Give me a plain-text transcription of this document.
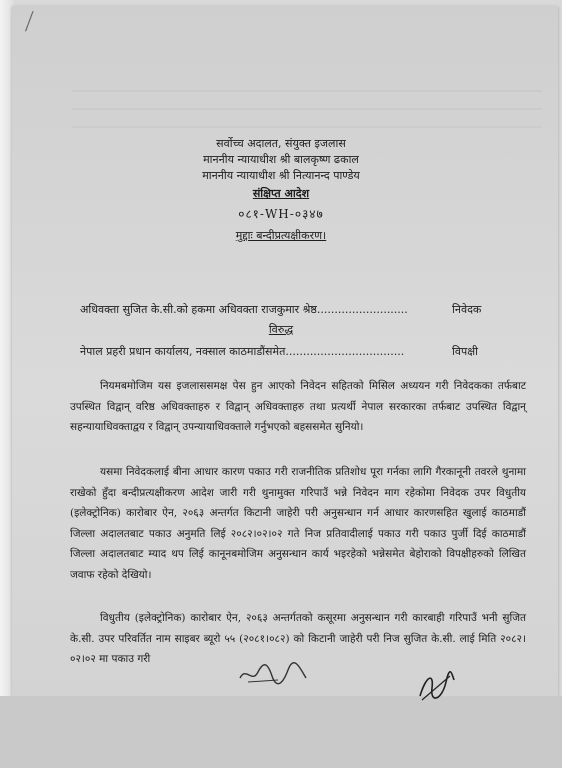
⟋
सर्वोच्च अदालत, संयुक्त इजलास
माननीय न्यायाधीश श्री बालकृष्ण ढकाल
माननीय न्यायाधीश श्री नित्यानन्द पाण्डेय
संक्षिप्त आदेश
०८१-WH-०३४७
मुद्दाः बन्दीप्रत्यक्षीकरण।
अधिवक्ता सुजित के.सी.को हकमा अधिवक्ता राजकुमार श्रेष्ठ..........................	निवेदक
विरुद्ध
नेपाल प्रहरी प्रधान कार्यालय, नक्साल काठमाडौंसमेत..................................	विपक्षी
नियमबमोजिम यस इजलाससमक्ष पेस हुन आएको निवेदन सहितको मिसिल अध्ययन गरी निवेदकका तर्फबाट उपस्थित विद्वान् वरिष्ठ अधिवक्ताहरु र विद्वान् अधिवक्ताहरु तथा प्रत्यर्थी नेपाल सरकारका तर्फबाट उपस्थित विद्वान् सहन्यायाधिवक्ताद्वय र विद्वान् उपन्यायाधिवक्ताले गर्नुभएको बहससमेत सुनियो।
यसमा निवेदकलाई बीना आधार कारण पकाउ गरी राजनीतिक प्रतिशोध पूरा गर्नका लागि गैरकानूनी तवरले थुनामा राखेको हुँदा बन्दीप्रत्यक्षीकरण आदेश जारी गरी थुनामुक्त गरिपाउँ भन्ने निवेदन माग रहेकोमा निवेदक उपर विधुतीय (इलेक्ट्रोनिक) कारोबार ऐन, २०६३ अन्तर्गत किटानी जाहेरी परी अनुसन्धान गर्न आधार कारणसहित खुलाई काठमाडौं जिल्ला अदालतबाट पकाउ अनुमति लिई २०८२।०२।०२ गते निज प्रतिवादीलाई पकाउ गरी पकाउ पुर्जी दिई काठमाडौं जिल्ला अदालतबाट म्याद थप लिई कानूनबमोजिम अनुसन्धान कार्य भइरहेको भन्नेसमेत बेहोराको विपक्षीहरुको लिखित जवाफ रहेको देखियो।
विधुतीय (इलेक्ट्रोनिक) कारोबार ऐन, २०६३ अन्तर्गतको कसूरमा अनुसन्धान गरी कारबाही गरिपाउँ भनी सुजित के.सी. उपर परिवर्तित नाम साइबर ब्यूरो ५५ (२०८१।०८२) को किटानी जाहेरी परी निज सुजित के.सी. लाई मिति २०८२।०२।०२ मा पकाउ गरी
